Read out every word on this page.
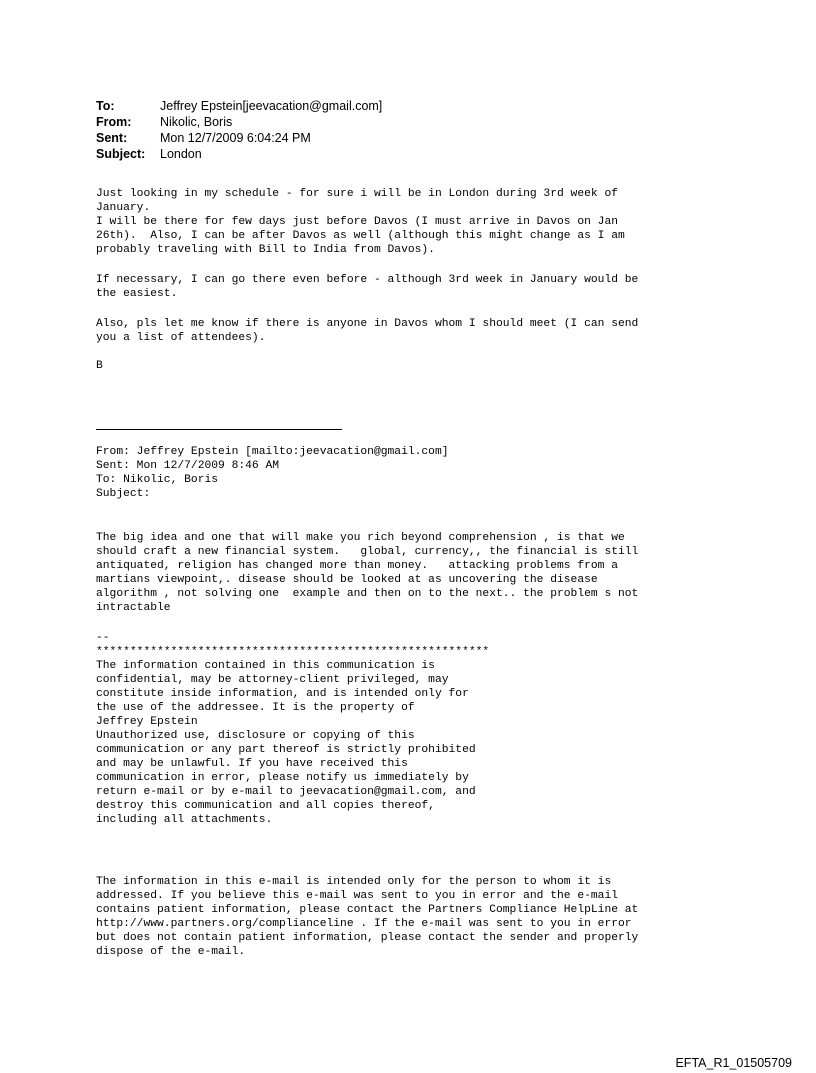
To:	Jeffrey Epstein[jeevacation@gmail.com]
From:	Nikolic, Boris
Sent:	Mon 12/7/2009 6:04:24 PM
Subject:	London
Just looking in my schedule - for sure i will be in London during 3rd week of
January.
I will be there for few days just before Davos (I must arrive in Davos on Jan
26th).  Also, I can be after Davos as well (although this might change as I am
probably traveling with Bill to India from Davos).
If necessary, I can go there even before - although 3rd week in January would be
the easiest.
Also, pls let me know if there is anyone in Davos whom I should meet (I can send
you a list of attendees).
B
From: Jeffrey Epstein [mailto:jeevacation@gmail.com]
Sent: Mon 12/7/2009 8:46 AM
To: Nikolic, Boris
Subject:
The big idea and one that will make you rich beyond comprehension , is that we
should craft a new financial system.   global, currency,, the financial is still
antiquated, religion has changed more than money.   attacking problems from a
martians viewpoint,. disease should be looked at as uncovering the disease
algorithm , not solving one  example and then on to the next.. the problem s not
intractable
--
**********************************************************
The information contained in this communication is
confidential, may be attorney-client privileged, may
constitute inside information, and is intended only for
the use of the addressee. It is the property of
Jeffrey Epstein
Unauthorized use, disclosure or copying of this
communication or any part thereof is strictly prohibited
and may be unlawful. If you have received this
communication in error, please notify us immediately by
return e-mail or by e-mail to jeevacation@gmail.com, and
destroy this communication and all copies thereof,
including all attachments.
The information in this e-mail is intended only for the person to whom it is
addressed. If you believe this e-mail was sent to you in error and the e-mail
contains patient information, please contact the Partners Compliance HelpLine at
http://www.partners.org/complianceline . If the e-mail was sent to you in error
but does not contain patient information, please contact the sender and properly
dispose of the e-mail.
EFTA_R1_01505709
